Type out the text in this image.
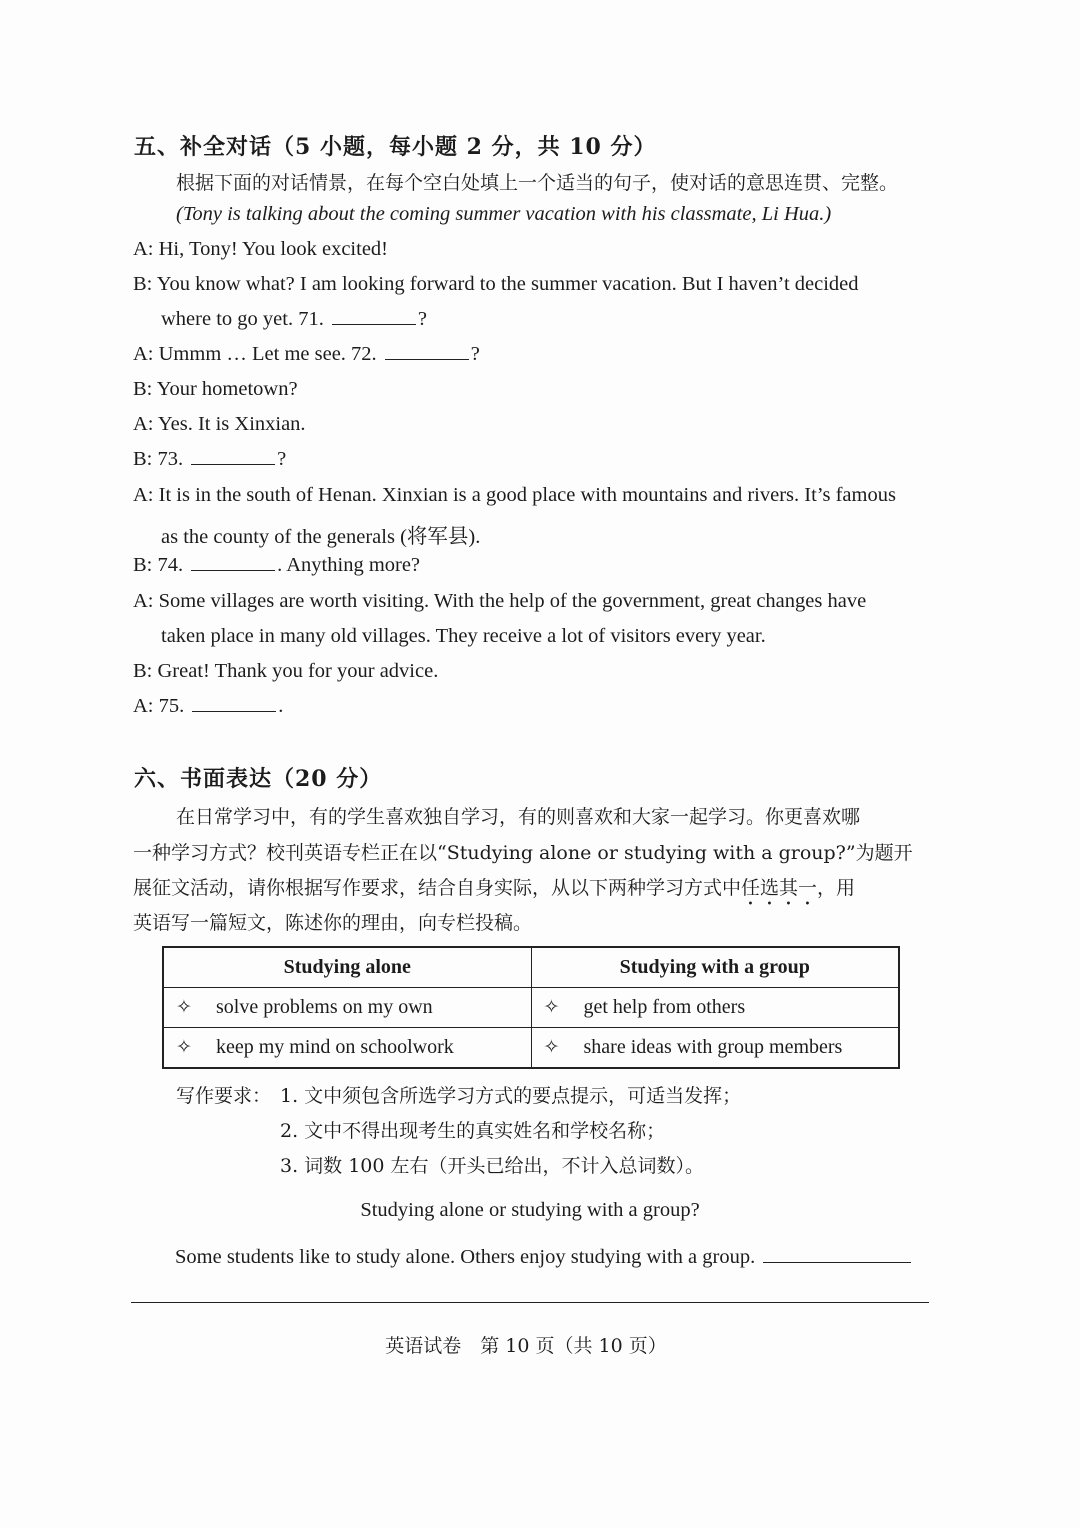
五、补全对话（5 小题，每小题 2 分，共 10 分）
根据下面的对话情景，在每个空白处填上一个适当的句子，使对话的意思连贯、完整。
(Tony is talking about the coming summer vacation with his classmate, Li Hua.)
A: Hi, Tony! You look excited!
B: You know what? I am looking forward to the summer vacation. But I haven’t decided
where to go yet. 71.	?
A: Ummm … Let me see. 72.	?
B: Your hometown?
A: Yes. It is Xinxian.
B: 73.	?
A: It is in the south of Henan. Xinxian is a good place with mountains and rivers. It’s famous
as the county of the generals (将军县).
B: 74.	. Anything more?
A: Some villages are worth visiting. With the help of the government, great changes have
taken place in many old villages. They receive a lot of visitors every year.
B: Great! Thank you for your advice.
A: 75.	.
六、书面表达（20 分）
在日常学习中，有的学生喜欢独自学习，有的则喜欢和大家一起学习。你更喜欢哪
一种学习方式？校刊英语专栏正在以“Studying alone or studying with a group?”为题开
展征文活动，请你根据写作要求，结合自身实际，从以下两种学习方式中任选其一，用
英语写一篇短文，陈述你的理由，向专栏投稿。
Studying alone	Studying with a group
✧ solve problems on my own	✧ get help from others
✧ keep my mind on schoolwork	✧ share ideas with group members
写作要求： 1. 文中须包含所选学习方式的要点提示，可适当发挥；
2. 文中不得出现考生的真实姓名和学校名称；
3. 词数 100 左右（开头已给出，不计入总词数）。
Studying alone or studying with a group?
Some students like to study alone. Others enjoy studying with a group.
英语试卷　第 10 页（共 10 页）
